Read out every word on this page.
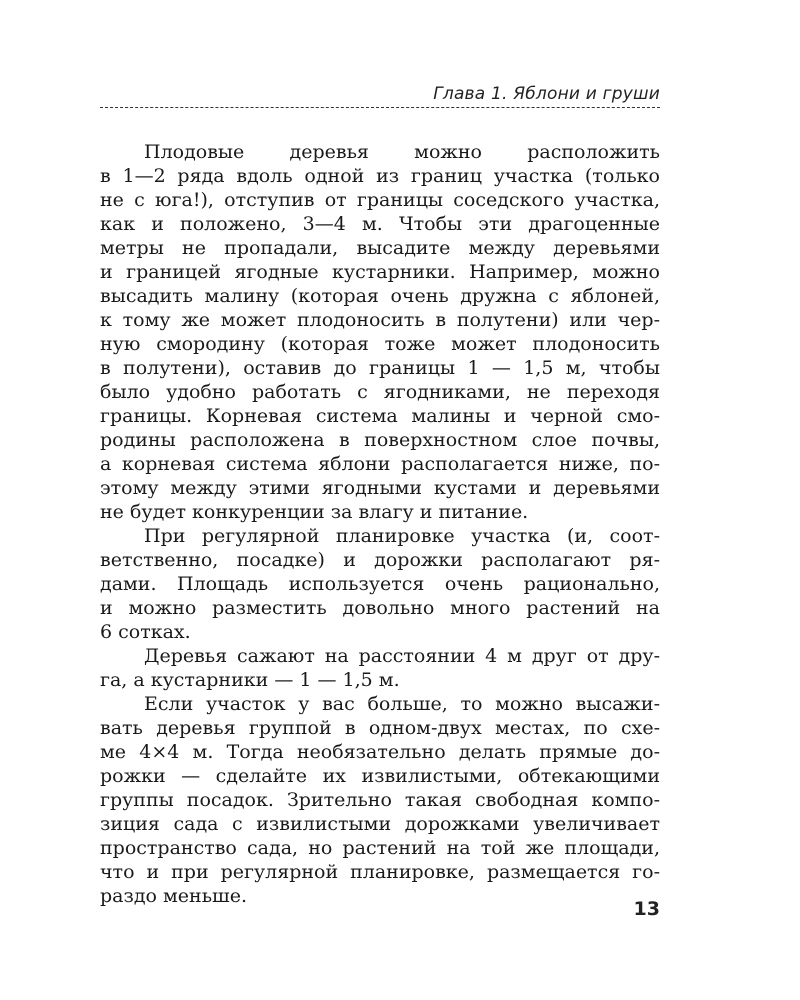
Глава 1. Яблони и груши
Плодовые деревья можно расположить
в 1—2 ряда вдоль одной из границ участка (только
не с юга!), отступив от границы соседского участка,
как и положено, 3—4 м. Чтобы эти драгоценные
метры не пропадали, высадите между деревьями
и границей ягодные кустарники. Например, можно
высадить малину (которая очень дружна с яблоней,
к тому же может плодоносить в полутени) или чер-
ную смородину (которая тоже может плодоносить
в полутени), оставив до границы 1 — 1,5 м, чтобы
было удобно работать с ягодниками, не переходя
границы. Корневая система малины и черной смо-
родины расположена в поверхностном слое почвы,
а корневая система яблони располагается ниже, по-
этому между этими ягодными кустами и деревьями
не будет конкуренции за влагу и питание.
При регулярной планировке участка (и, соот-
ветственно, посадке) и дорожки располагают ря-
дами. Площадь используется очень рационально,
и можно разместить довольно много растений на
6 сотках.
Деревья сажают на расстоянии 4 м друг от дру-
га, а кустарники — 1 — 1,5 м.
Если участок у вас больше, то можно высажи-
вать деревья группой в одном-двух местах, по схе-
ме 4×4 м. Тогда необязательно делать прямые до-
рожки — сделайте их извилистыми, обтекающими
группы посадок. Зрительно такая свободная компо-
зиция сада с извилистыми дорожками увеличивает
пространство сада, но растений на той же площади,
что и при регулярной планировке, размещается го-
раздо меньше.
13
